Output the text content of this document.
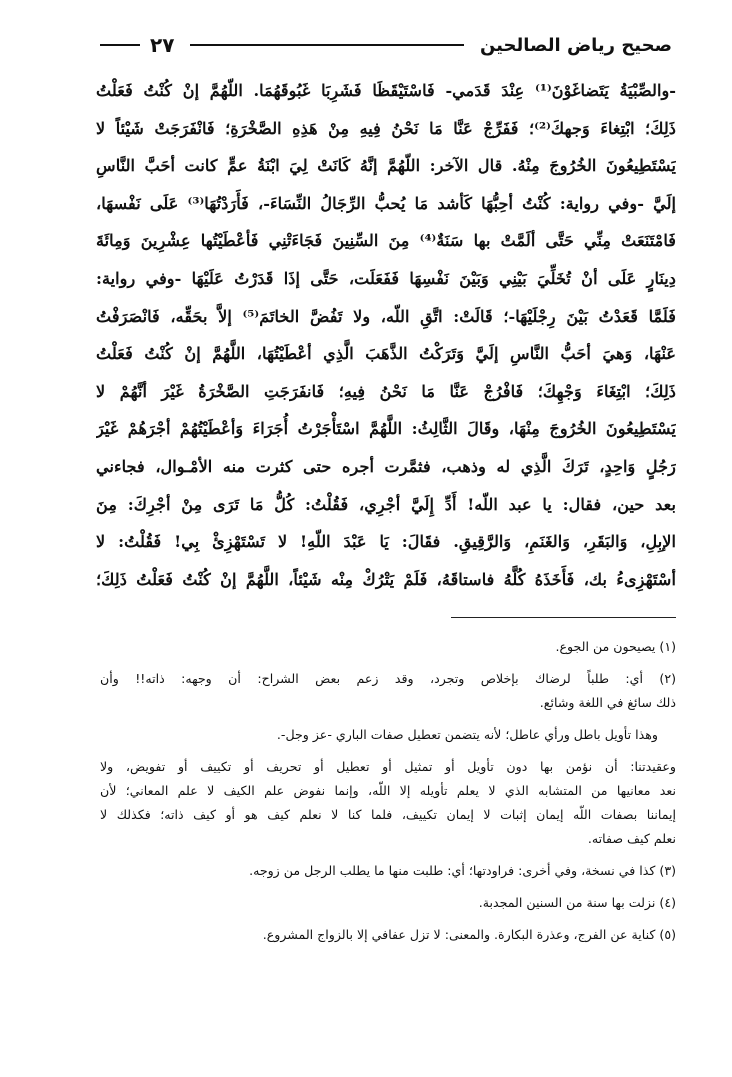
صحيح رياض الصالحين
٢٧
-والصِّبْيَةُ يَتَضاغَوْنَ⁽¹⁾ عِنْدَ قَدَمي- فَاسْتَيْقَظَا فَشَرِبَا غَبُوقَهُمَا. اللّهُمَّ إنْ كُنْتُ فَعَلْتُ
ذَلِكَ؛ ابْتِغاءَ وَجهكَ⁽²⁾؛ فَفَرِّجْ عَنَّا مَا نَحْنُ فِيهِ مِنْ هَذِهِ الصَّخْرَةِ؛ فَانْفَرَجَتْ شَيْئاً لا
يَسْتَطِيعُونَ الخُرُوجَ مِنْهُ. قال الآخر: اللّهُمَّ إنَّهُ كَانَتْ لِيَ ابْنَةُ عمٍّ كانت أحَبَّ النَّاسِ
إلَيَّ -وفي رواية: كُنْتُ أحِبُّهَا كَأشد مَا يُحبُّ الرِّجَالُ النِّسَاءَ-، فَأَرَدْتُهَا⁽³⁾ عَلَى نَفْسهَا،
فَامْتَنَعَتْ مِنِّي حَتَّى ألَمَّتْ بها سَنَةٌ⁽⁴⁾ مِنَ السِّنِينَ فَجَاءَتْنِي فَأعْطَيْتُها عِشْرِينَ وَمِائَةَ
دِينَارٍ عَلَى أنْ تُخَلِّيَ بَيْنِي وَبَيْنَ نَفْسِهَا فَفَعَلَت، حَتَّى إذَا قَدَرْتُ عَلَيْهَا -وفي رواية:
فَلَمَّا قَعَدْتُ بَيْنَ رِجْلَيْهَا-؛ قَالَتْ: اتَّقِ اللّه، ولا تَفُضَّ الخاتَمَ⁽⁵⁾ إلاَّ بحَقِّه، فَانْصَرَفْتُ
عَنْهَا، وَهيَ أحَبُّ النَّاسِ إلَيَّ وَتَرَكْتُ الذَّهَبَ الَّذِي أعْطَيْتُهَا، اللَّهُمَّ إنْ كُنْتُ فَعَلْتُ
ذَلِكَ؛ ابْتِغَاءَ وَجْهِكَ؛ فَافْرُجْ عَنَّا مَا نَحْنُ فِيهِ؛ فَانفَرَجَتِ الصَّخْرَةُ غَيْرَ أنَّهُمْ لا
يَسْتَطِيعُونَ الخُرُوجَ مِنْهَا، وقَالَ الثَّالِثُ: اللَّهُمَّ اسْتَأْجَرْتُ أُجَرَاءَ وَأعْطَيْتُهُمْ أجْرَهُمْ غَيْرَ
رَجُلٍ وَاحِدٍ، تَرَكَ الَّذِي له وذهب، فثمَّرت أجره حتى كثرت منه الأمْـوال، فجاءني
بعد حين، فقال: يا عبد اللّه! أَدِّ إِلَيَّ أجْرِي، فَقُلْتُ: كُلُّ مَا تَرَى مِنْ أجْرِكَ: مِنَ
الإبِلِ، وَالبَقَرِ، وَالغَنَمِ، وَالرَّقِيقِ. فقَالَ: يَا عَبْدَ اللّهِ! لا تَسْتَهْزِئْ بِي! فَقُلْتُ: لا
أسْتَهْزِىءُ بك، فَأَخَذَهُ كُلَّهُ فاستاقَهُ، فَلَمْ يَتْرُكْ مِنْه شَيْئاً، اللَّهُمَّ إنْ كُنْتُ فَعَلْتُ ذَلِكَ؛
(١) يصيحون من الجوع.
(٢) أي: طلباً لرضاك بإخلاص وتجرد، وقد زعم بعض الشراح: أن وجهه: ذاته!! وأن
ذلك سائغ في اللغة وشائع.
وهذا تأويل باطل ورأي عاطل؛ لأنه يتضمن تعطيل صفات الباري -عز وجل-.
وعقيدتنا: أن نؤمن بها دون تأويل أو تمثيل أو تعطيل أو تحريف أو تكييف أو تفويض، ولا
نعد معانيها من المتشابه الذي لا يعلم تأويله إلا اللّه، وإنما نفوض علم الكيف لا علم المعاني؛ لأن
إيماننا بصفات اللّه إيمان إثبات لا إيمان تكييف، فلما كنا لا نعلم كيف هو أو كيف ذاته؛ فكذلك لا
نعلم كيف صفاته.
(٣) كذا في نسخة، وفي أخرى: فراودتها؛ أي: طلبت منها ما يطلب الرجل من زوجه.
(٤) نزلت بها سنة من السنين المجدبة.
(٥) كناية عن الفرج، وعذرة البكارة. والمعنى: لا تزل عفافي إلا بالزواج المشروع.
